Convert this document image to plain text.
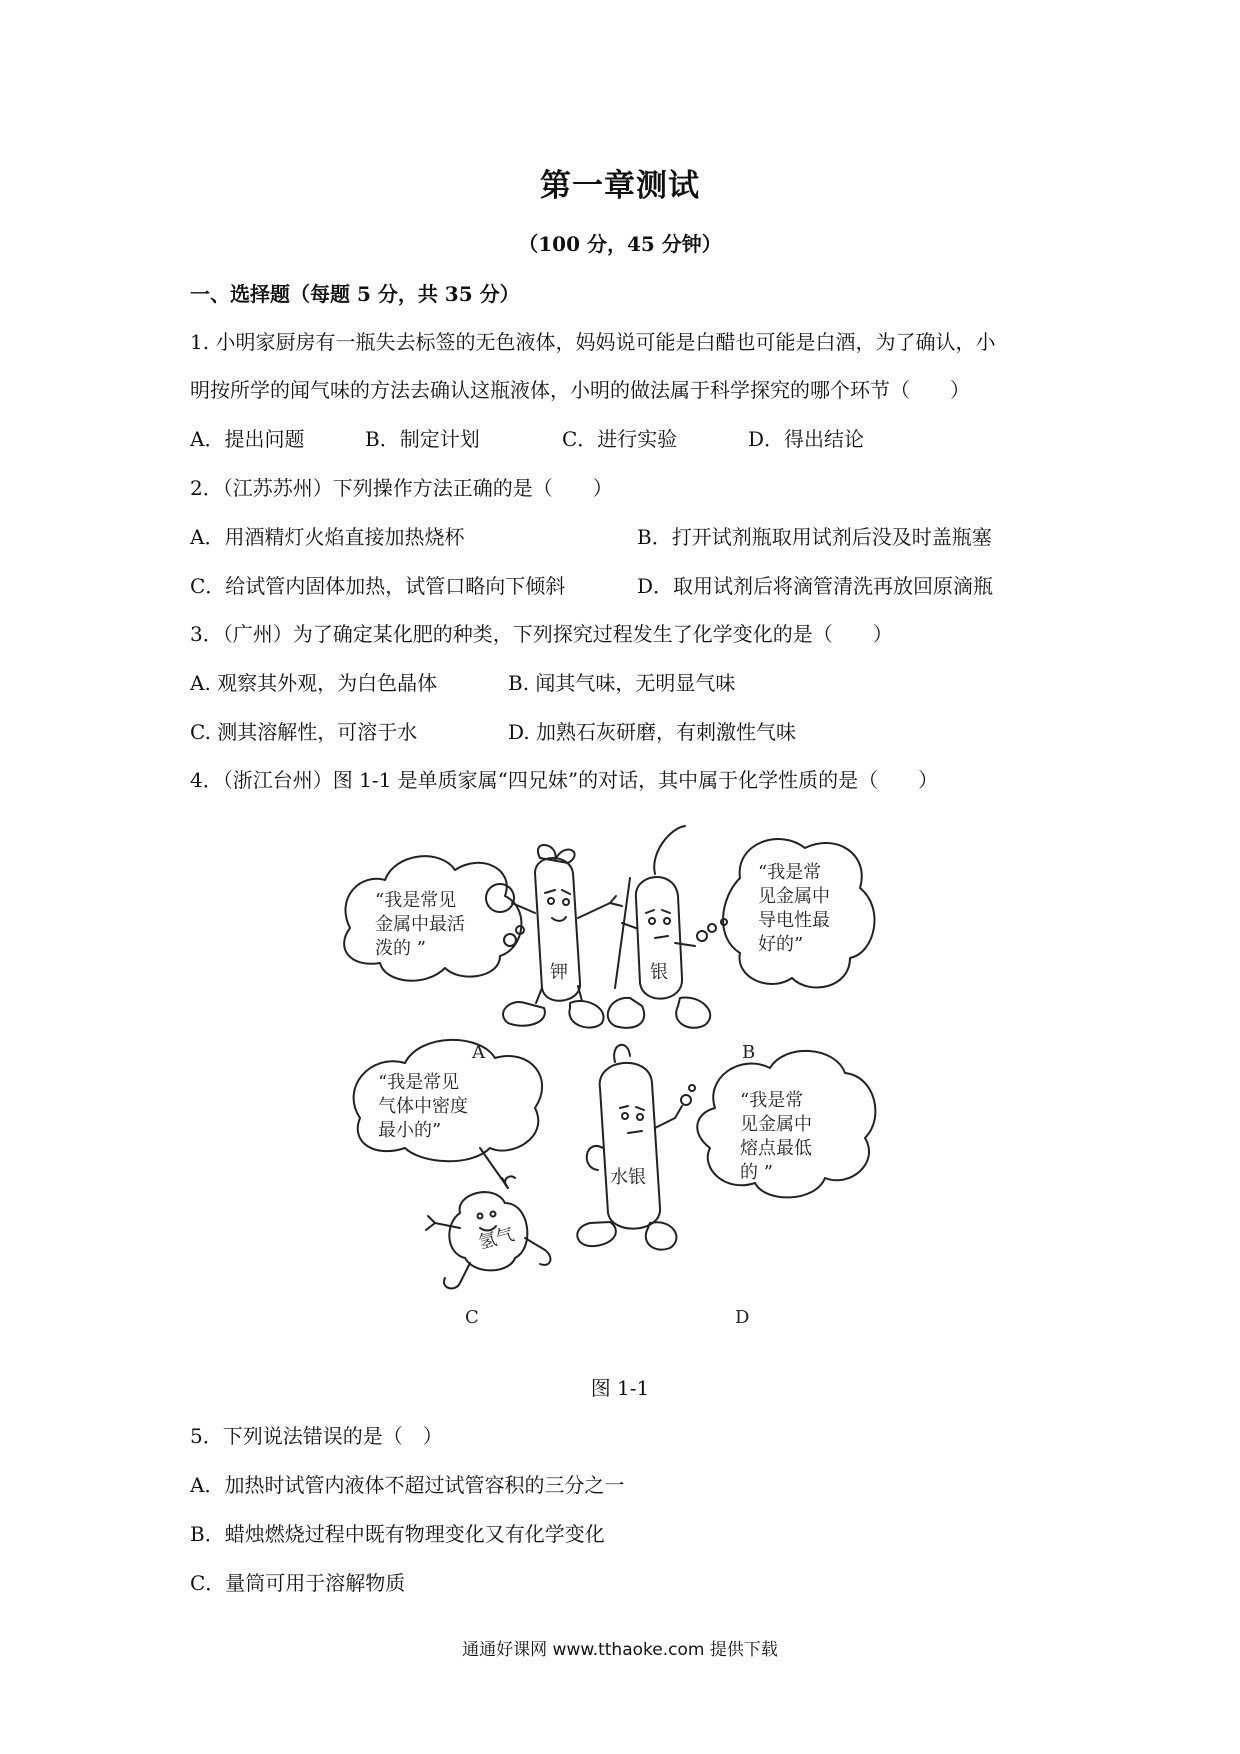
第一章测试
（100 分，45 分钟）
一、选择题（每题 5 分，共 35 分）
1. 小明家厨房有一瓶失去标签的无色液体，妈妈说可能是白醋也可能是白酒，为了确认，小
明按所学的闻气味的方法去确认这瓶液体，小明的做法属于科学探究的哪个环节（　　）
A．提出问题	B．制定计划	C．进行实验	D．得出结论
2．（江苏苏州）下列操作方法正确的是（　　）
A．用酒精灯火焰直接加热烧杯	B．打开试剂瓶取用试剂后没及时盖瓶塞
C．给试管内固体加热，试管口略向下倾斜	D．取用试剂后将滴管清洗再放回原滴瓶
3．（广州）为了确定某化肥的种类，下列探究过程发生了化学变化的是（　　）
A. 观察其外观，为白色晶体	B. 闻其气味，无明显气味
C. 测其溶解性，可溶于水	D. 加熟石灰研磨，有刺激性气味
4．（浙江台州）图 1-1 是单质家属“四兄妹”的对话，其中属于化学性质的是（　　）
钾	银
氢气
水银
“我是常见
金属中最活
泼的 ”
“我是常
见金属中
导电性最
好的”
“我是常见
气体中密度
最小的”
“我是常
见金属中
熔点最低
的 ”
A	B
C	D
图 1-1
5．下列说法错误的是（　）
A．加热时试管内液体不超过试管容积的三分之一
B．蜡烛燃烧过程中既有物理变化又有化学变化
C．量筒可用于溶解物质
通通好课网 www.tthaoke.com 提供下载
